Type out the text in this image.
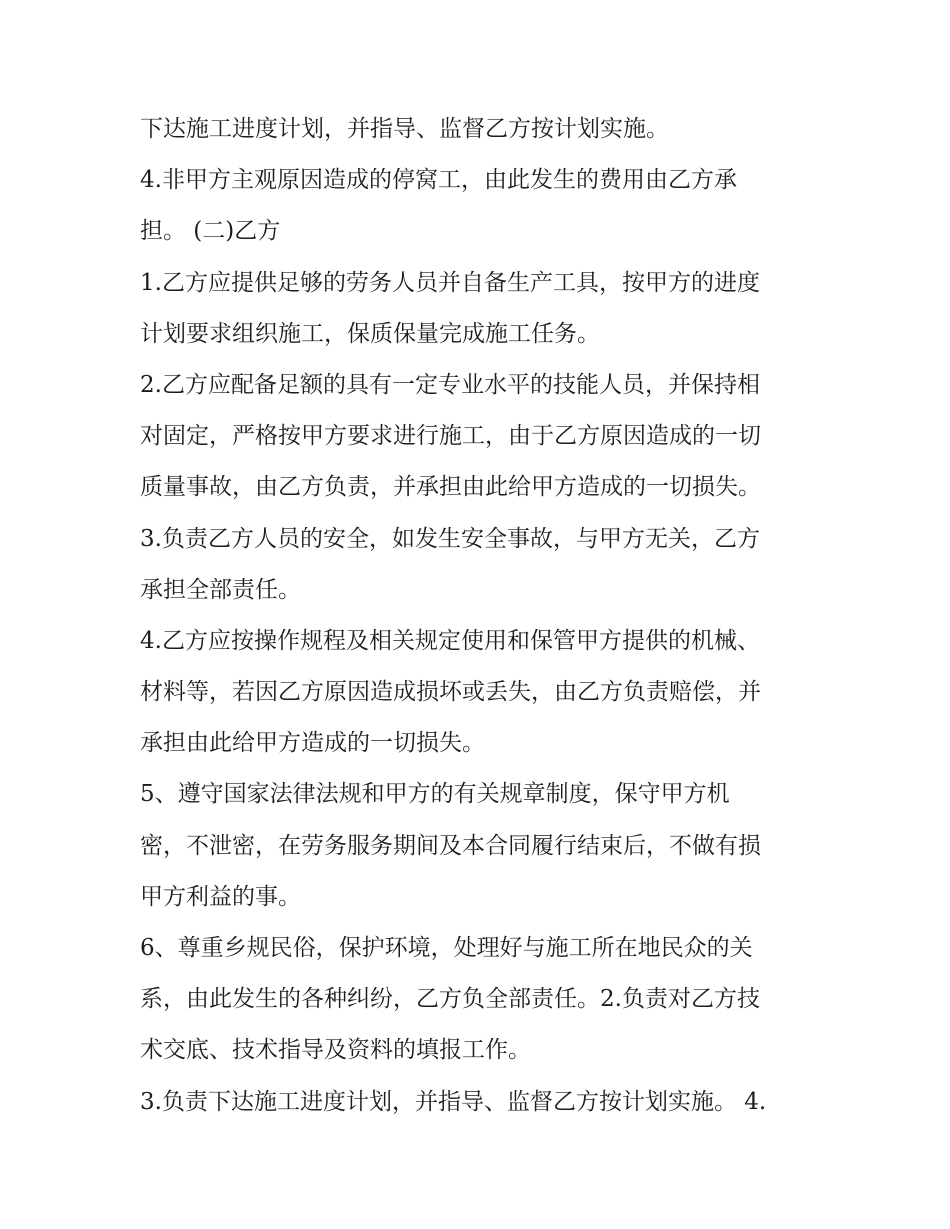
下达施工进度计划，并指导、监督乙方按计划实施。
4.非甲方主观原因造成的停窝工，由此发生的费用由乙方承
担。 (二)乙方
1.乙方应提供足够的劳务人员并自备生产工具，按甲方的进度
计划要求组织施工，保质保量完成施工任务。
2.乙方应配备足额的具有一定专业水平的技能人员，并保持相
对固定，严格按甲方要求进行施工，由于乙方原因造成的一切
质量事故，由乙方负责，并承担由此给甲方造成的一切损失。
3.负责乙方人员的安全，如发生安全事故，与甲方无关，乙方
承担全部责任。
4.乙方应按操作规程及相关规定使用和保管甲方提供的机械、
材料等，若因乙方原因造成损坏或丢失，由乙方负责赔偿，并
承担由此给甲方造成的一切损失。
5、遵守国家法律法规和甲方的有关规章制度，保守甲方机
密，不泄密，在劳务服务期间及本合同履行结束后，不做有损
甲方利益的事。
6、尊重乡规民俗，保护环境，处理好与施工所在地民众的关
系，由此发生的各种纠纷，乙方负全部责任。2.负责对乙方技
术交底、技术指导及资料的填报工作。
3.负责下达施工进度计划，并指导、监督乙方按计划实施。 4.
